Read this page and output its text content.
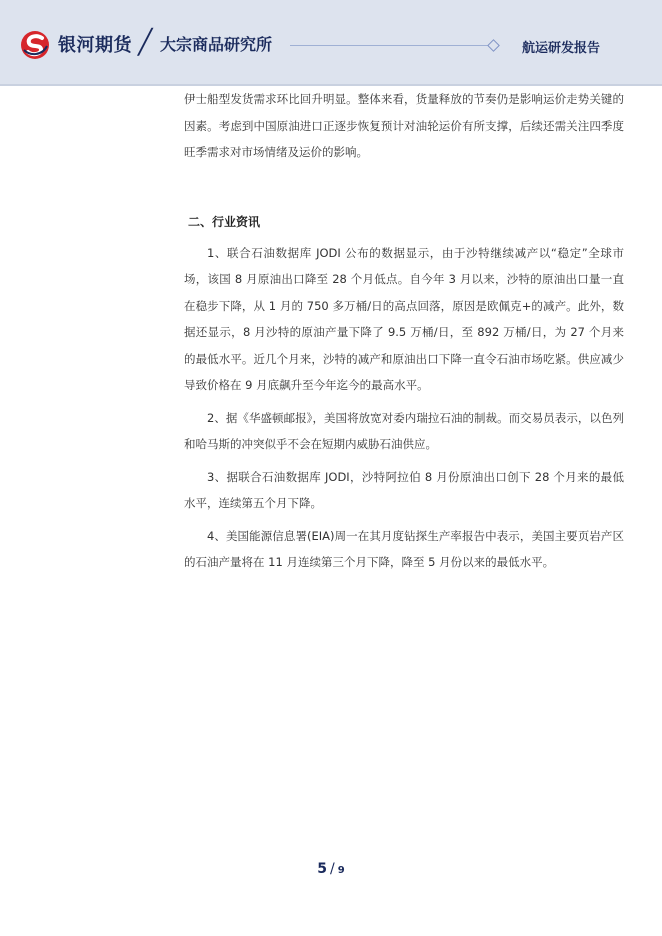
银河期货 ╱ 大宗商品研究所	航运研发报告

伊士船型发货需求环比回升明显。整体来看，货量释放的节奏仍是影响运价走势关键的因素。考虑到中国原油进口正逐步恢复预计对油轮运价有所支撑，后续还需关注四季度旺季需求对市场情绪及运价的影响。

二、行业资讯

1、联合石油数据库 JODI 公布的数据显示，由于沙特继续减产以“稳定”全球市场，该国 8 月原油出口降至 28 个月低点。自今年 3 月以来，沙特的原油出口量一直在稳步下降，从 1 月的 750 多万桶/日的高点回落，原因是欧佩克+的减产。此外，数据还显示，8 月沙特的原油产量下降了 9.5 万桶/日，至 892 万桶/日，为 27 个月来的最低水平。近几个月来，沙特的减产和原油出口下降一直令石油市场吃紧。供应减少导致价格在 9 月底飙升至今年迄今的最高水平。

2、据《华盛顿邮报》，美国将放宽对委内瑞拉石油的制裁。而交易员表示，以色列和哈马斯的冲突似乎不会在短期内威胁石油供应。

3、据联合石油数据库 JODI，沙特阿拉伯 8 月份原油出口创下 28 个月来的最低水平，连续第五个月下降。

4、美国能源信息署(EIA)周一在其月度钻探生产率报告中表示，美国主要页岩产区的石油产量将在 11 月连续第三个月下降，降至 5 月份以来的最低水平。

5 / 9
